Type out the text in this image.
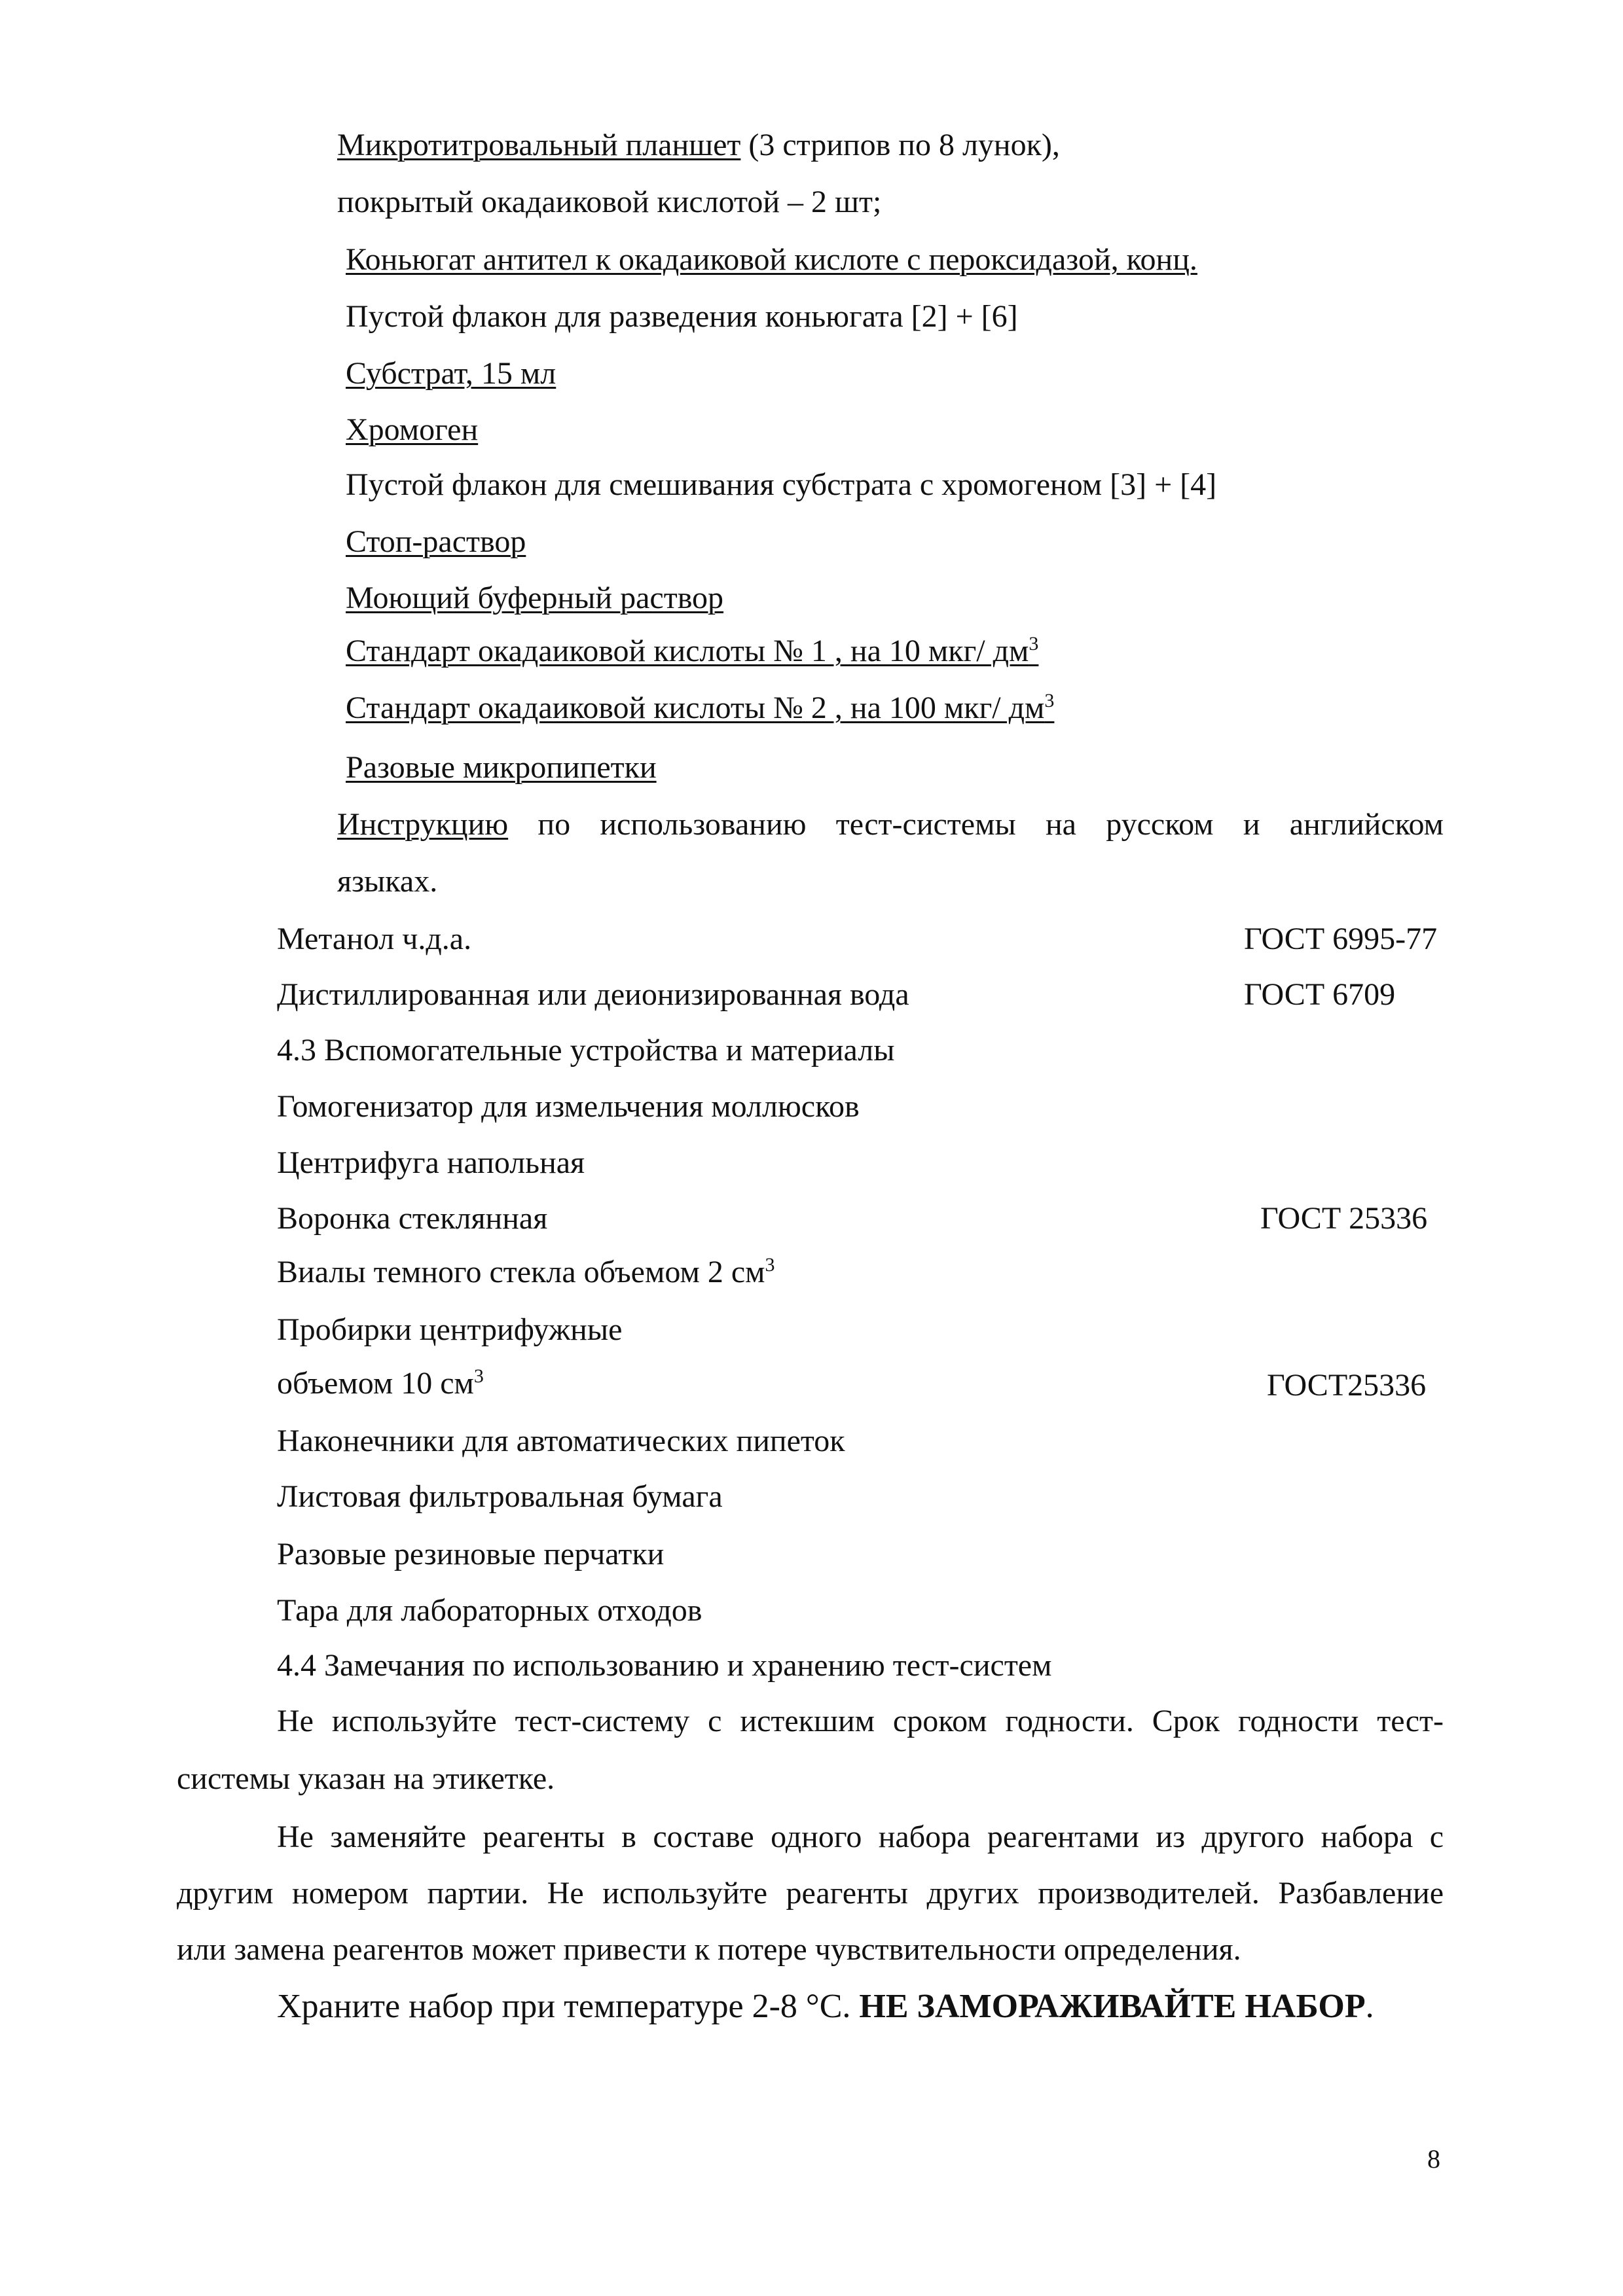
Микротитровальный планшет (3 стрипов по 8 лунок),
покрытый окадаиковой кислотой – 2 шт;
Коньюгат антител к окадаиковой кислоте с пероксидазой, конц.
Пустой флакон для разведения коньюгата [2] + [6]
Субстрат, 15 мл
Хромоген
Пустой флакон для смешивания субстрата с хромогеном [3] + [4]
Стоп-раствор
Моющий буферный раствор
Стандарт окадаиковой кислоты № 1 , на 10 мкг/ $дм^3$
Стандарт окадаиковой кислоты № 2 , на 100 мкг/ $дм^3$
Разовые микропипетки
Инструкцию по использованию тест-системы на русском и английском
языках.
Метанол ч.д.а.	ГОСТ 6995-77
Дистиллированная или деионизированная вода	ГОСТ 6709
4.3 Вспомогательные устройства и материалы
Гомогенизатор для измельчения моллюсков
Центрифуга напольная
Воронка стеклянная	ГОСТ 25336
Виалы темного стекла объемом 2 $см^3$
Пробирки центрифужные
объемом 10 $см^3$	ГОСТ25336
Наконечники для автоматических пипеток
Листовая фильтровальная бумага
Разовые резиновые перчатки
Тара для лабораторных отходов
4.4 Замечания по использованию и хранению тест-систем
Не используйте тест-систему с истекшим сроком годности. Срок годности тест-
системы указан на этикетке.
Не заменяйте реагенты в составе одного набора реагентами из другого набора с
другим номером партии. Не используйте реагенты других производителей. Разбавление
или замена реагентов может привести к потере чувствительности определения.
Храните набор при температуре 2-8 °С. НЕ ЗАМОРАЖИВАЙТЕ НАБОР.
8
